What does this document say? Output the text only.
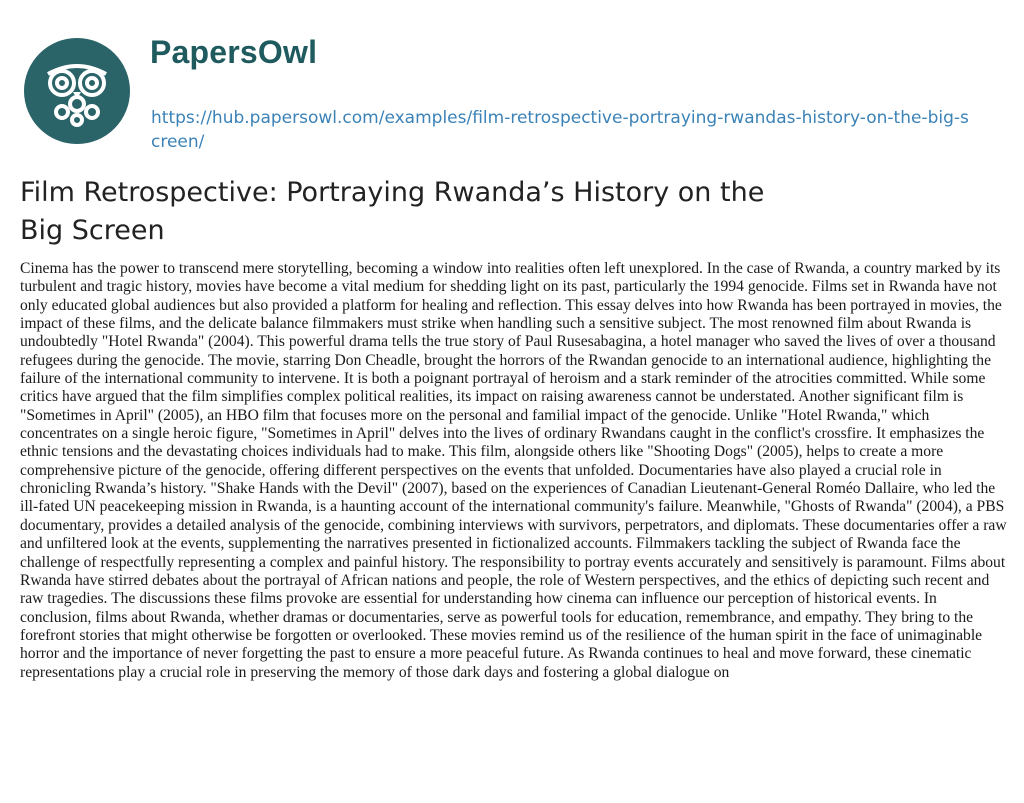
PapersOwl
https://hub.papersowl.com/examples/film-retrospective-portraying-rwandas-history-on-the-big-screen/
Film Retrospective: Portraying Rwanda’s History on the Big Screen

Cinema has the power to transcend mere storytelling, becoming a window into realities often left unexplored. In the case of Rwanda, a country marked by its turbulent and tragic history, movies have become a vital medium for shedding light on its past, particularly the 1994 genocide. Films set in Rwanda have not only educated global audiences but also provided a platform for healing and reflection. This essay delves into how Rwanda has been portrayed in movies, the impact of these films, and the delicate balance filmmakers must strike when handling such a sensitive subject. The most renowned film about Rwanda is undoubtedly "Hotel Rwanda" (2004). This powerful drama tells the true story of Paul Rusesabagina, a hotel manager who saved the lives of over a thousand refugees during the genocide. The movie, starring Don Cheadle, brought the horrors of the Rwandan genocide to an international audience, highlighting the failure of the international community to intervene. It is both a poignant portrayal of heroism and a stark reminder of the atrocities committed. While some critics have argued that the film simplifies complex political realities, its impact on raising awareness cannot be understated. Another significant film is "Sometimes in April" (2005), an HBO film that focuses more on the personal and familial impact of the genocide. Unlike "Hotel Rwanda," which concentrates on a single heroic figure, "Sometimes in April" delves into the lives of ordinary Rwandans caught in the conflict's crossfire. It emphasizes the ethnic tensions and the devastating choices individuals had to make. This film, alongside others like "Shooting Dogs" (2005), helps to create a more comprehensive picture of the genocide, offering different perspectives on the events that unfolded. Documentaries have also played a crucial role in chronicling Rwanda’s history. "Shake Hands with the Devil" (2007), based on the experiences of Canadian Lieutenant-General Roméo Dallaire, who led the ill-fated UN peacekeeping mission in Rwanda, is a haunting account of the international community's failure. Meanwhile, "Ghosts of Rwanda" (2004), a PBS documentary, provides a detailed analysis of the genocide, combining interviews with survivors, perpetrators, and diplomats. These documentaries offer a raw and unfiltered look at the events, supplementing the narratives presented in fictionalized accounts. Filmmakers tackling the subject of Rwanda face the challenge of respectfully representing a complex and painful history. The responsibility to portray events accurately and sensitively is paramount. Films about Rwanda have stirred debates about the portrayal of African nations and people, the role of Western perspectives, and the ethics of depicting such recent and raw tragedies. The discussions these films provoke are essential for understanding how cinema can influence our perception of historical events. In conclusion, films about Rwanda, whether dramas or documentaries, serve as powerful tools for education, remembrance, and empathy. They bring to the forefront stories that might otherwise be forgotten or overlooked. These movies remind us of the resilience of the human spirit in the face of unimaginable horror and the importance of never forgetting the past to ensure a more peaceful future. As Rwanda continues to heal and move forward, these cinematic representations play a crucial role in preserving the memory of those dark days and fostering a global dialogue on
